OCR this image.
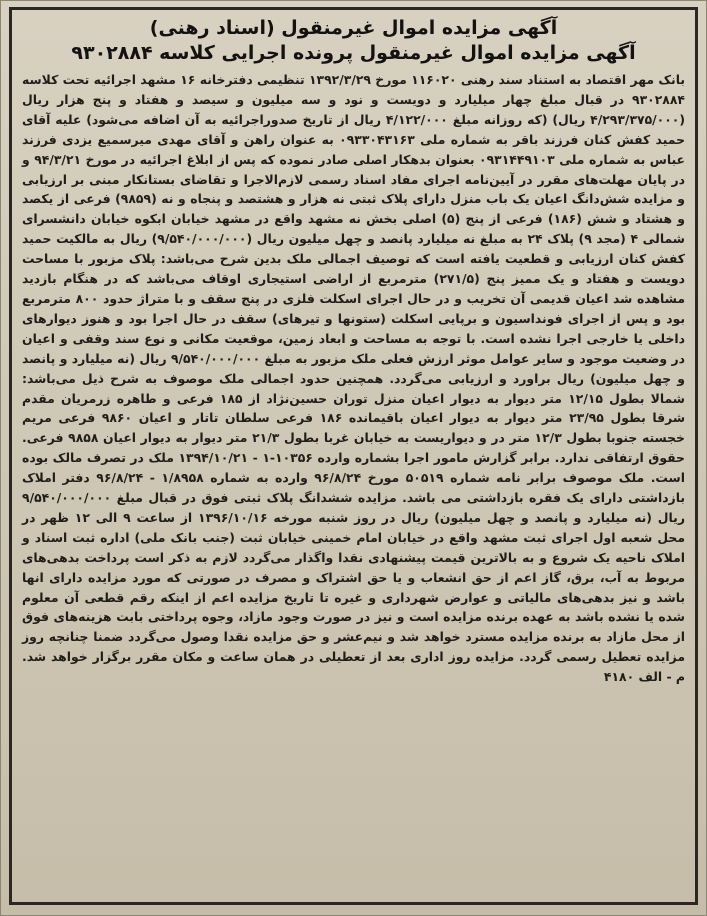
آگهی مزایده اموال غیرمنقول (اسناد رهنی)
آگهی مزایده اموال غیرمنقول پرونده اجرایی کلاسه ۹۳۰۲۸۸۴

بانک مهر اقتصاد به استناد سند رهنی ۱۱۶۰۲۰ مورخ ۱۳۹۲/۳/۲۹ تنظیمی دفترخانه ۱۶ مشهد اجرائیه تحت کلاسه ۹۳۰۲۸۸۴ در قبال مبلغ چهار میلیارد و دویست و نود و سه میلیون و سیصد و هفتاد و پنج هزار ریال (۴/۲۹۳/۳۷۵/۰۰۰ ریال) (که روزانه مبلغ ۴/۱۲۲/۰۰۰ ریال از تاریخ صدوراجرائیه به آن اضافه می‌شود) علیه آقای حمید کفش کنان فرزند باقر به شماره ملی ۰۹۳۳۰۴۳۱۶۳ به عنوان راهن و آقای مهدی میرسمیع یزدی فرزند عباس به شماره ملی ۰۹۳۱۴۴۹۱۰۳ بعنوان بدهکار اصلی صادر نموده که پس از ابلاغ اجرائیه در مورخ ۹۴/۳/۲۱ و در پایان مهلت‌های مقرر در آیین‌نامه اجرای مفاد اسناد رسمی لازم‌الاجرا و تقاضای بستانکار مبنی بر ارزیابی و مزایده شش‌دانگ اعیان یک باب منزل دارای پلاک ثبتی نه هزار و هشتصد و پنجاه و نه (۹۸۵۹) فرعی از یکصد و هشتاد و شش (۱۸۶) فرعی از پنج (۵) اصلی بخش نه مشهد واقع در مشهد خیابان ابکوه خیابان دانشسرای شمالی ۴ (مجد ۹) پلاک ۲۴ به مبلغ نه میلیارد پانصد و چهل میلیون ریال (۹/۵۴۰/۰۰۰/۰۰۰) ریال به مالکیت حمید کفش کنان ارزیابی و قطعیت یافته است که توصیف اجمالی ملک بدین شرح می‌باشد: پلاک مزبور با مساحت دویست و هفتاد و یک ممیز پنج (۲۷۱/۵) مترمربع از اراضی استیجاری اوقاف می‌باشد که در هنگام بازدید مشاهده شد اعیان قدیمی آن تخریب و در حال اجرای اسکلت فلزی در پنج سقف و با متراژ حدود ۸۰۰ مترمربع بود و پس از اجرای فونداسیون و برپایی اسکلت (ستونها و تیرهای) سقف در حال اجرا بود و هنوز دیوارهای داخلی یا خارجی اجرا نشده است. با توجه به مساحت و ابعاد زمین، موقعیت مکانی و نوع سند وقفی و اعیان در وضعیت موجود و سایر عوامل موثر ارزش فعلی ملک مزبور به مبلغ ۹/۵۴۰/۰۰۰/۰۰۰ ریال (نه میلیارد و پانصد و چهل میلیون) ریال براورد و ارزیابی می‌گردد. همچنین حدود اجمالی ملک موصوف به شرح ذیل می‌باشد: شمالا بطول ۱۲/۱۵ متر دیوار به دیوار اعیان منزل توران حسین‌نژاد از ۱۸۵ فرعی و طاهره زرمریان مقدم شرقا بطول ۲۳/۹۵ متر دیوار به دیوار اعیان باقیمانده ۱۸۶ فرعی سلطان تاتار و اعیان ۹۸۶۰ فرعی مریم خجسته جنوبا بطول ۱۲/۳ متر در و دیواریست به خیابان غربا بطول ۲۱/۳ متر دیوار به دیوار اعیان ۹۸۵۸ فرعی. حقوق ارتفاقی ندارد. برابر گزارش مامور اجرا بشماره وارده ۱۰۳۵۶-۱ - ۱۳۹۴/۱۰/۲۱ ملک در تصرف مالک بوده است. ملک موصوف برابر نامه شماره ۵۰۵۱۹ مورخ ۹۶/۸/۲۴ وارده به شماره ۱/۸۹۵۸ - ۹۶/۸/۲۴ دفتر املاک بازداشتی دارای یک فقره بازداشتی می باشد. مزایده ششدانگ پلاک ثبتی فوق در قبال مبلغ ۹/۵۴۰/۰۰۰/۰۰۰ ریال (نه میلیارد و پانصد و چهل میلیون) ریال در روز شنبه مورخه ۱۳۹۶/۱۰/۱۶ از ساعت ۹ الی ۱۲ ظهر در محل شعبه اول اجرای ثبت مشهد واقع در خیابان امام خمینی خیابان ثبت (جنب بانک ملی) اداره ثبت اسناد و املاک ناحیه یک شروع و به بالاترین قیمت پیشنهادی نقدا واگذار می‌گردد لازم به ذکر است پرداخت بدهی‌های مربوط به آب، برق، گاز اعم از حق انشعاب و یا حق اشتراک و مصرف در صورتی که مورد مزایده دارای انها باشد و نیز بدهی‌های مالیاتی و عوارض شهرداری و غیره تا تاریخ مزایده اعم از اینکه رقم قطعی آن معلوم شده یا نشده باشد به عهده برنده مزایده است و نیز در صورت وجود مازاد، وجوه پرداختی بابت هزینه‌های فوق از محل مازاد به برنده مزایده مسترد خواهد شد و نیم‌عشر و حق مزایده نقدا وصول می‌گردد ضمنا چنانچه روز مزایده تعطیل رسمی گردد. مزایده روز اداری بعد از تعطیلی در همان ساعت و مکان مقرر برگزار خواهد شد. م - الف ۴۱۸۰
